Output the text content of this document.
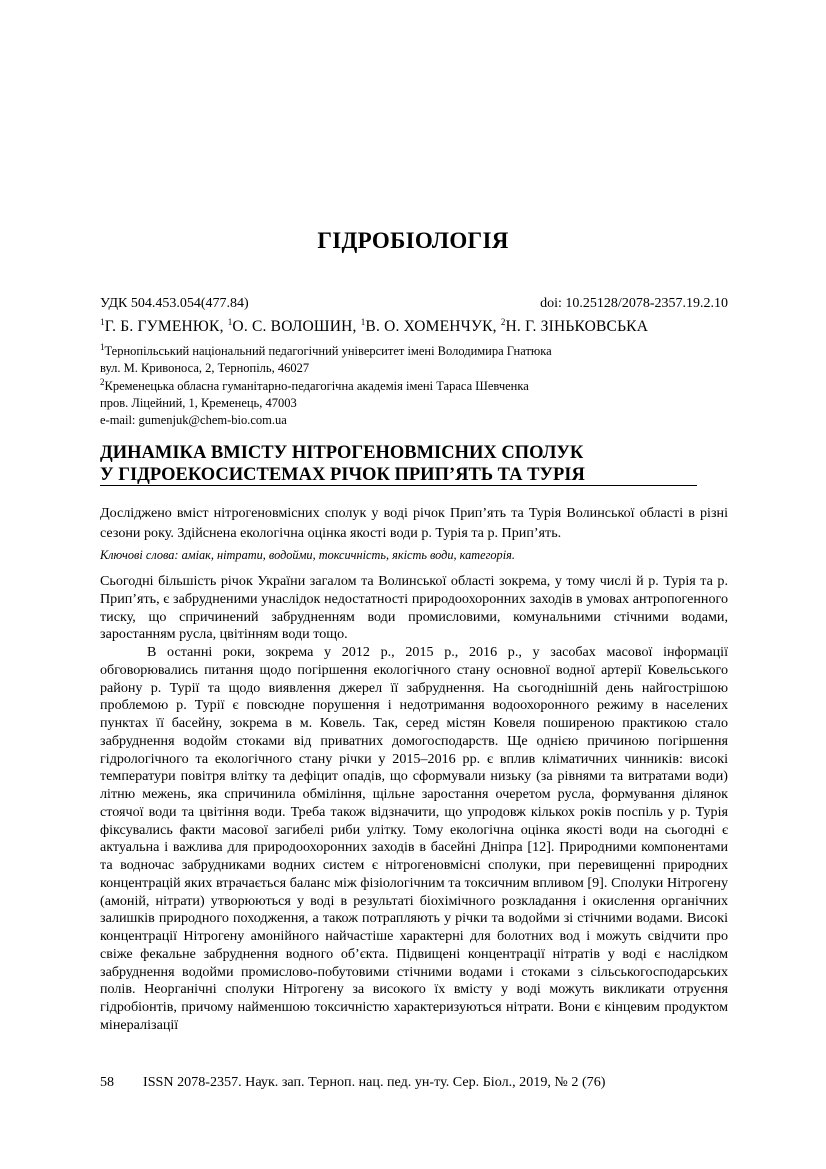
ГІДРОБІОЛОГІЯ
УДК 504.453.054(477.84)	doi: 10.25128/2078-2357.19.2.10
$^1$Г. Б. ГУМЕНЮК, $^1$О. С. ВОЛОШИН, $^1$В. О. ХОМЕНЧУК, $^2$Н. Г. ЗІНЬКОВСЬКА
$^1$Тернопільський національний педагогічний університет імені Володимира Гнатюка
вул. М. Кривоноса, 2, Тернопіль, 46027
$^2$Кременецька обласна гуманітарно-педагогічна академія імені Тараса Шевченка
пров. Ліцейний, 1, Кременець, 47003
e-mail: gumenjuk@chem-bio.com.ua
ДИНАМІКА ВМІСТУ НІТРОГЕНОВМІСНИХ СПОЛУК
У ГІДРОЕКОСИСТЕМАХ РІЧОК ПРИП’ЯТЬ ТА ТУРІЯ
Досліджено вміст нітрогеновмісних сполук у воді річок Прип’ять та Турія Волинської області в різні сезони року. Здійснена екологічна оцінка якості води р. Турія та р. Прип’ять.
Ключові слова: аміак, нітрати, водойми, токсичність, якість води, категорія.

Сьогодні більшість річок України загалом та Волинської області зокрема, у тому числі й р. Турія та р. Прип’ять, є забрудненими унаслідок недостатності природоохоронних заходів в умовах антропогенного тиску, що спричинений забрудненням води промисловими, комунальними стічними водами, заростанням русла, цвітінням води тощо.

В останні роки, зокрема у 2012 р., 2015 р., 2016 р., у засобах масової інформації обговорювались питання щодо погіршення екологічного стану основної водної артерії Ковельського району р. Турії та щодо виявлення джерел її забруднення. На сьогоднішній день найгострішою проблемою р. Турії є повсюдне порушення і недотримання водоохоронного режиму в населених пунктах її басейну, зокрема в м. Ковель. Так, серед містян Ковеля поширеною практикою стало забруднення водойм стоками від приватних домогосподарств. Ще однією причиною погіршення гідрологічного та екологічного стану річки у 2015–2016 рр. є вплив кліматичних чинників: високі температури повітря влітку та дефіцит опадів, що сформували низьку (за рівнями та витратами води) літню межень, яка спричинила обміління, щільне заростання очеретом русла, формування ділянок стоячої води та цвітіння води. Треба також відзначити, що упродовж кількох років поспіль у р. Турія фіксувались факти масової загибелі риби улітку. Тому екологічна оцінка якості води на сьогодні є актуальна і важлива для природоохоронних заходів в басейні Дніпра [12]. Природними компонентами та водночас забрудниками водних систем є нітрогеновмісні сполуки, при перевищенні природних концентрацій яких втрачається баланс між фізіологічним та токсичним впливом [9]. Сполуки Нітрогену (амоній, нітрати) утворюються у воді в результаті біохімічного розкладання і окислення органічних залишків природного походження, а також потрапляють у річки та водойми зі стічними водами. Високі концентрації Нітрогену амонійного найчастіше характерні для болотних вод і можуть свідчити про свіже фекальне забруднення водного об’єкта. Підвищені концентрації нітратів у воді є наслідком забруднення водойми промислово-побутовими стічними водами і стоками з сільськогосподарських полів. Неорганічні сполуки Нітрогену за високого їх вмісту у воді можуть викликати отруєння гідробіонтів, причому найменшою токсичністю характеризуються нітрати. Вони є кінцевим продуктом мінералізації

58 ISSN 2078-2357. Наук. зап. Терноп. нац. пед. ун-ту. Сер. Біол., 2019, № 2 (76)
